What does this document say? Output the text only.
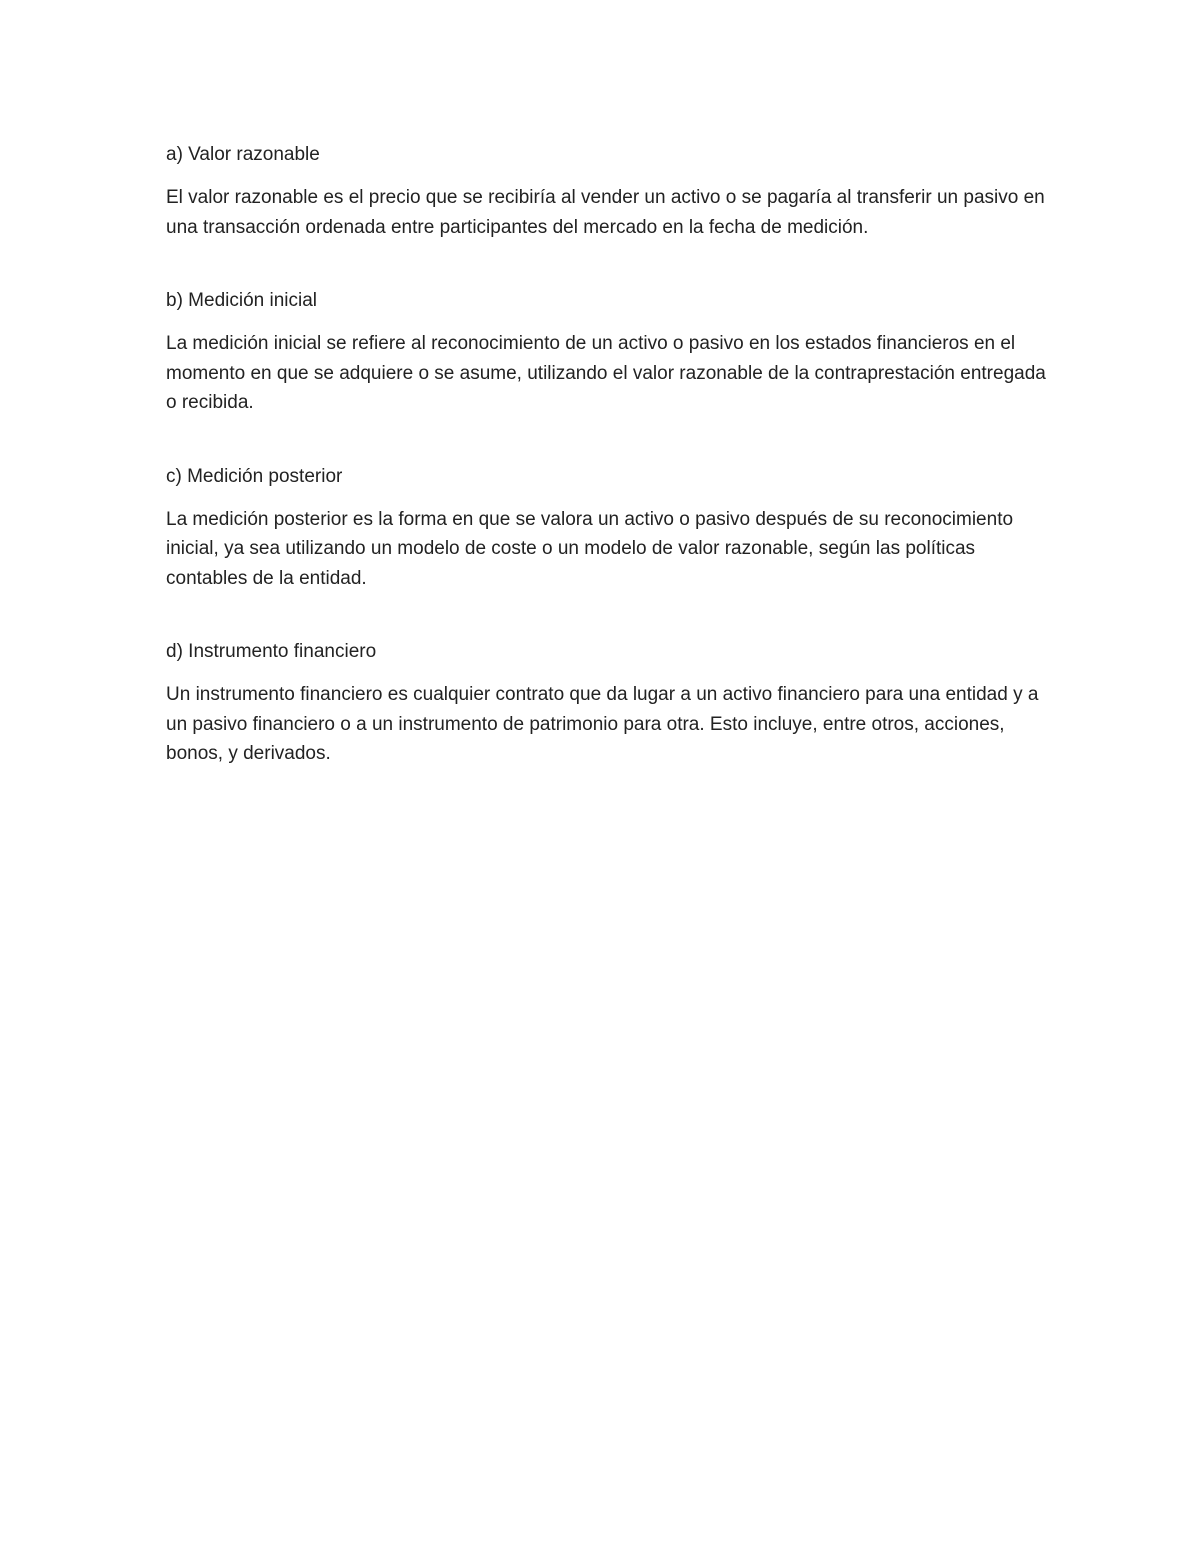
a) Valor razonable

El valor razonable es el precio que se recibiría al vender un activo o se pagaría al transferir un pasivo en una transacción ordenada entre participantes del mercado en la fecha de medición.

b) Medición inicial

La medición inicial se refiere al reconocimiento de un activo o pasivo en los estados financieros en el momento en que se adquiere o se asume, utilizando el valor razonable de la contraprestación entregada o recibida.

c) Medición posterior

La medición posterior es la forma en que se valora un activo o pasivo después de su reconocimiento inicial, ya sea utilizando un modelo de coste o un modelo de valor razonable, según las políticas contables de la entidad.

d) Instrumento financiero

Un instrumento financiero es cualquier contrato que da lugar a un activo financiero para una entidad y a un pasivo financiero o a un instrumento de patrimonio para otra. Esto incluye, entre otros, acciones, bonos, y derivados.
